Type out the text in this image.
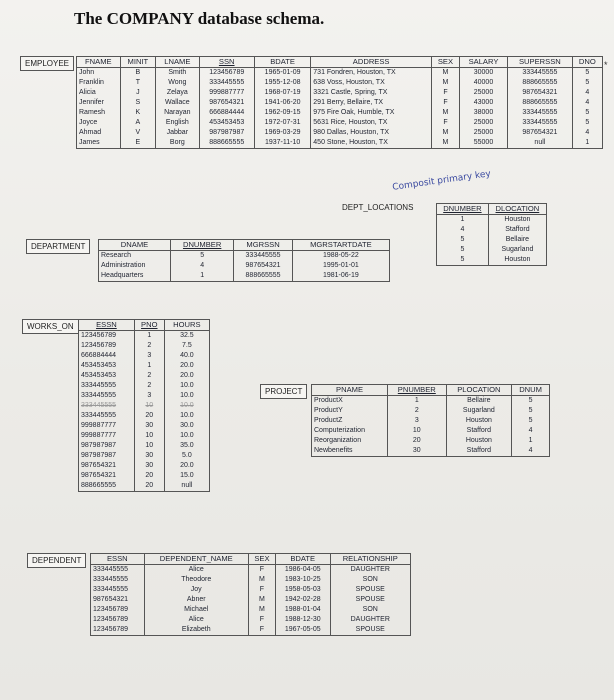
The COMPANY database schema.
*
EMPLOYEE	FNAME	MINIT	LNAME	SSN	BDATE	ADDRESS	SEX	SALARY	SUPERSSN	DNO
John	B	Smith	123456789	1965-01-09	731 Fondren, Houston, TX	M	30000	333445555	5
Franklin	T	Wong	333445555	1955-12-08	638 Voss, Houston, TX	M	40000	888665555	5
Alicia	J	Zelaya	999887777	1968-07-19	3321 Castle, Spring, TX	F	25000	987654321	4
Jennifer	S	Wallace	987654321	1941-06-20	291 Berry, Bellaire, TX	F	43000	888665555	4
Ramesh	K	Narayan	666884444	1962-09-15	975 Fire Oak, Humble, TX	M	38000	333445555	5
Joyce	A	English	453453453	1972-07-31	5631 Rice, Houston, TX	F	25000	333445555	5
Ahmad	V	Jabbar	987987987	1969-03-29	980 Dallas, Houston, TX	M	25000	987654321	4
James	E	Borg	888665555	1937-11-10	450 Stone, Houston, TX	M	55000	null	1
Composit primary key
DEPT_LOCATIONS	DNUMBER	DLOCATION
1	Houston
4	Stafford
5	Bellaire
5	Sugarland
5	Houston
DEPARTMENT	DNAME	DNUMBER	MGRSSN	MGRSTARTDATE
Research	5	333445555	1988-05-22
Administration	4	987654321	1995-01-01
Headquarters	1	888665555	1981-06-19
WORKS_ON	ESSN	PNO	HOURS
123456789	1	32.5
123456789	2	7.5
666884444	3	40.0
453453453	1	20.0
453453453	2	20.0
333445555	2	10.0
333445555	3	10.0
333445555	10	10.0
333445555	20	10.0
999887777	30	30.0
999887777	10	10.0
987987987	10	35.0
987987987	30	5.0
987654321	30	20.0
987654321	20	15.0
888665555	20	null
PROJECT	PNAME	PNUMBER	PLOCATION	DNUM
ProductX	1	Bellaire	5
ProductY	2	Sugarland	5
ProductZ	3	Houston	5
Computerization	10	Stafford	4
Reorganization	20	Houston	1
Newbenefits	30	Stafford	4
DEPENDENT	ESSN	DEPENDENT_NAME	SEX	BDATE	RELATIONSHIP
333445555	Alice	F	1986-04-05	DAUGHTER
333445555	Theodore	M	1983-10-25	SON
333445555	Joy	F	1958-05-03	SPOUSE
987654321	Abner	M	1942-02-28	SPOUSE
123456789	Michael	M	1988-01-04	SON
123456789	Alice	F	1988-12-30	DAUGHTER
123456789	Elizabeth	F	1967-05-05	SPOUSE
